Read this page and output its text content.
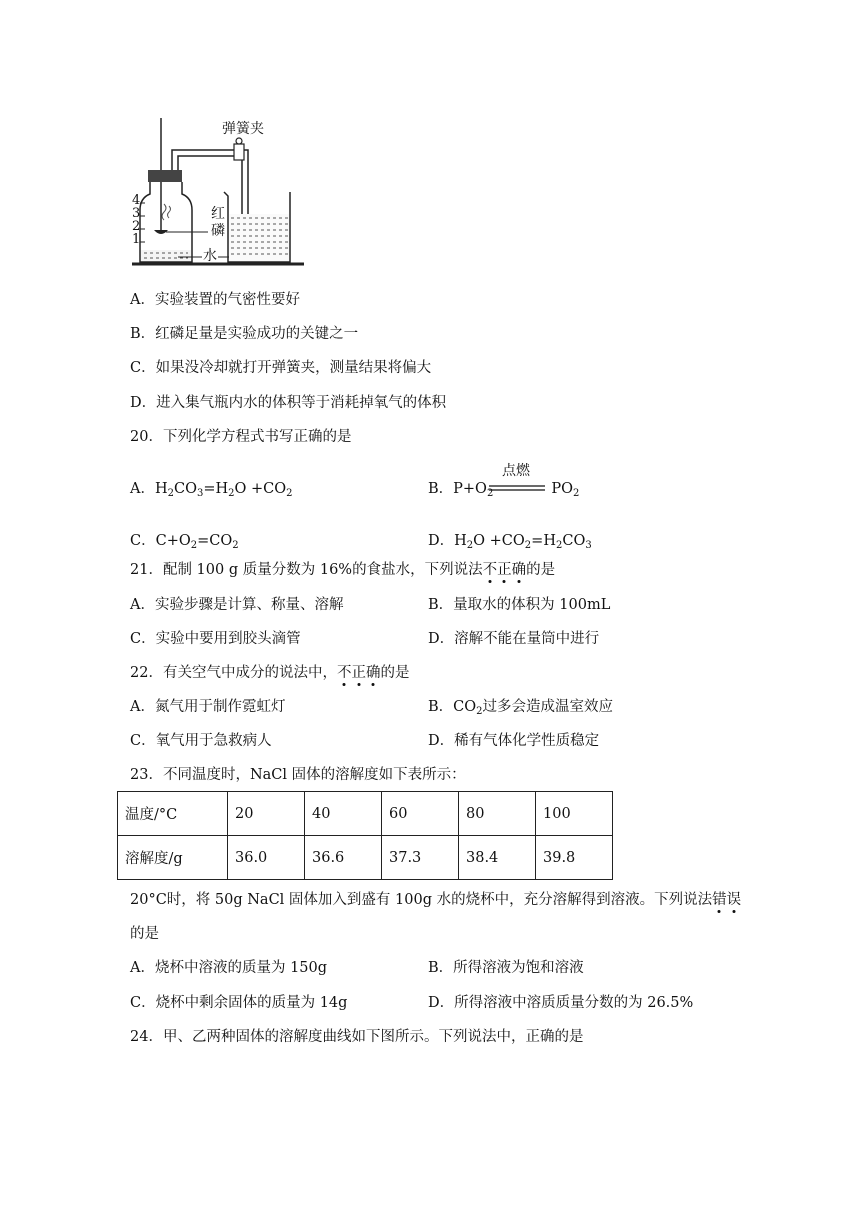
弹簧夹
红
磷
水
4
3
2
1
A．实验装置的气密性要好
B．红磷足量是实验成功的关键之一
C．如果没冷却就打开弹簧夹，测量结果将偏大
D．进入集气瓶内水的体积等于消耗掉氧气的体积
20．下列化学方程式书写正确的是
A．$H_2CO_3=H_2O +CO_2$	B．$P+O_2$	$PO_2$
点燃
C．$C+O_2=CO_2$	D．$H_2O +CO_2=H_2CO_3$
21．配制 100 g 质量分数为 16%的食盐水，下列说法不正确的是
A．实验步骤是计算、称量、溶解	B．量取水的体积为 100mL
C．实验中要用到胶头滴管	D．溶解不能在量筒中进行
22．有关空气中成分的说法中，不正确的是
A．氮气用于制作霓虹灯	B．$CO_2$过多会造成温室效应
C．氧气用于急救病人	D．稀有气体化学性质稳定
23．不同温度时，NaCl 固体的溶解度如下表所示：
温度/°C	20	40	60	80	100
溶解度/g	36.0	36.6	37.3	38.4	39.8
20°C时，将 50g NaCl 固体加入到盛有 100g 水的烧杯中，充分溶解得到溶液。下列说法错误
的是
A．烧杯中溶液的质量为 150g	B．所得溶液为饱和溶液
C．烧杯中剩余固体的质量为 14g	D．所得溶液中溶质质量分数的为 26.5%
24．甲、乙两种固体的溶解度曲线如下图所示。下列说法中，正确的是
